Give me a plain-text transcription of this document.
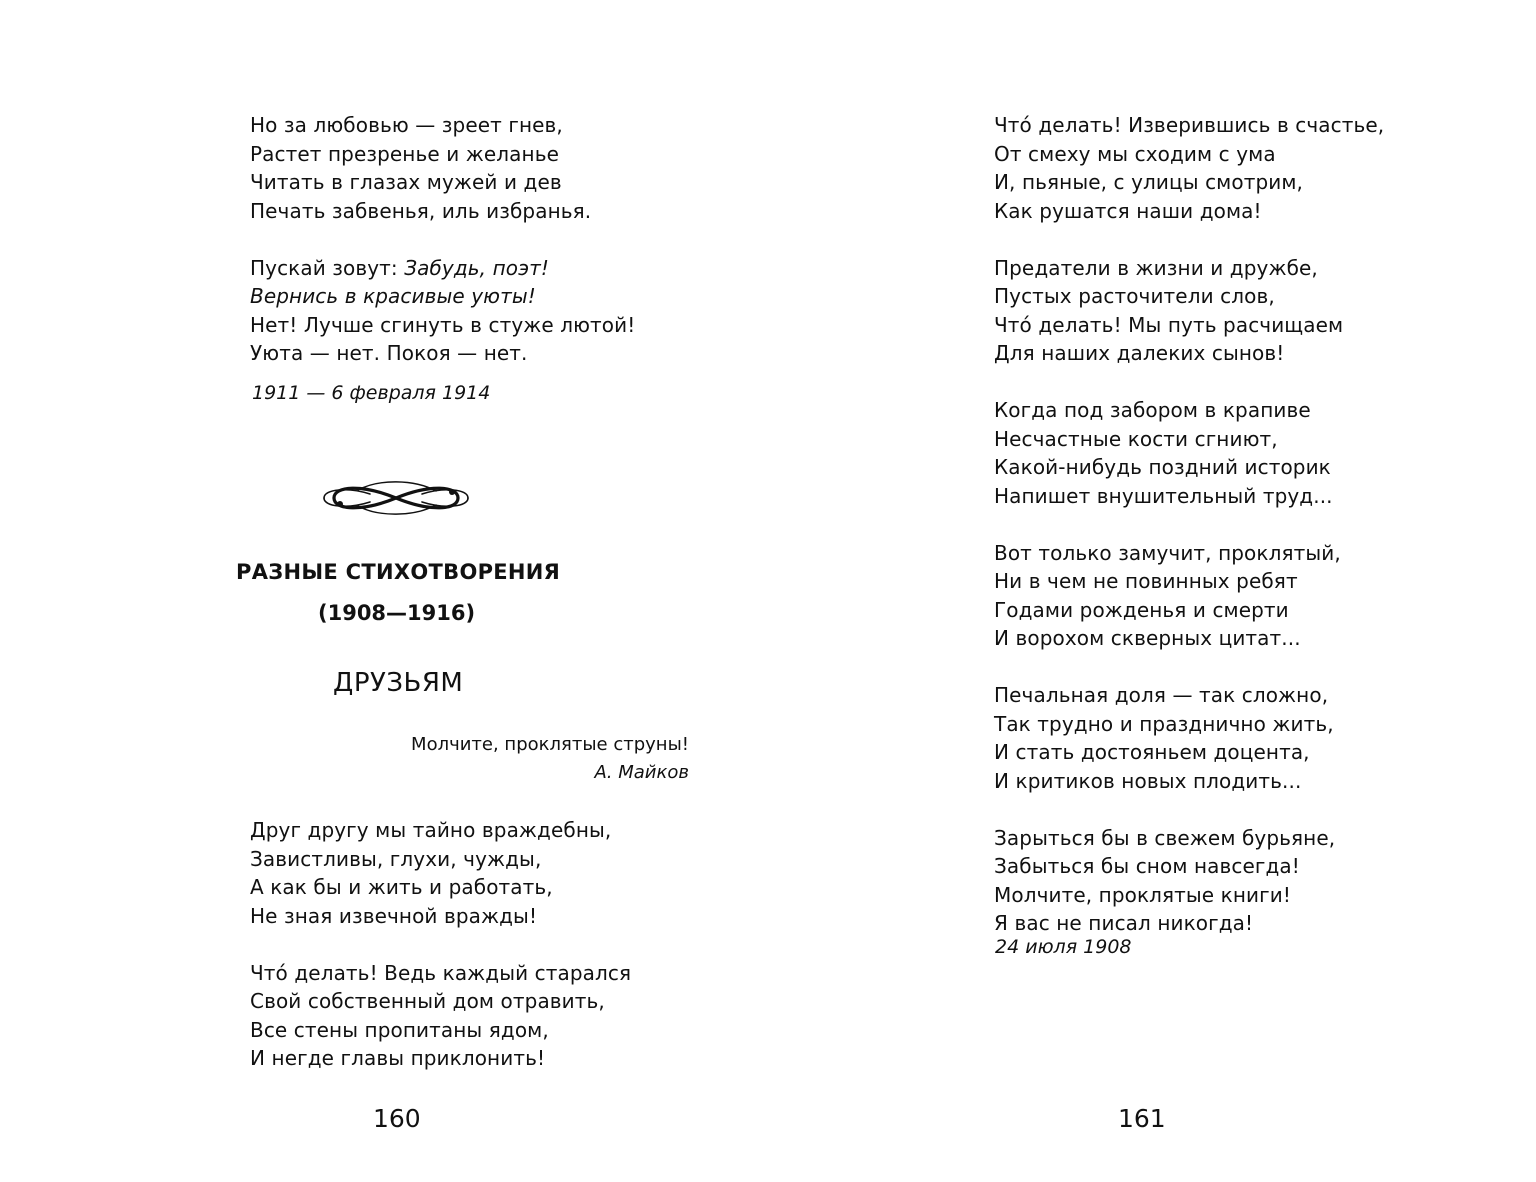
Но за любовью — зреет гнев,
Растет презренье и желанье
Читать в глазах мужей и дев
Печать забвенья, иль избранья.
Пускай зовут: Забудь, поэт!
Вернись в красивые уюты!
Нет! Лучше сгинуть в стуже лютой!
Уюта — нет. Покоя — нет.
1911 — 6 февраля 1914
РАЗНЫЕ СТИХОТВОРЕНИЯ
(1908—1916)
ДРУЗЬЯМ
Молчите, проклятые струны!
А. Майков
Друг другу мы тайно враждебны,
Завистливы, глухи, чужды,
А как бы и жить и работать,
Не зная извечной вражды!
Чтó делать! Ведь каждый старался
Свой собственный дом отравить,
Все стены пропитаны ядом,
И негде главы приклонить!
160
Чтó делать! Изверившись в счастье,
От смеху мы сходим с ума
И, пьяные, с улицы смотрим,
Как рушатся наши дома!
Предатели в жизни и дружбе,
Пустых расточители слов,
Чтó делать! Мы путь расчищаем
Для наших далеких сынов!
Когда под забором в крапиве
Несчастные кости сгниют,
Какой-нибудь поздний историк
Напишет внушительный труд...
Вот только замучит, проклятый,
Ни в чем не повинных ребят
Годами рожденья и смерти
И ворохом скверных цитат...
Печальная доля — так сложно,
Так трудно и празднично жить,
И стать достояньем доцента,
И критиков новых плодить...
Зарыться бы в свежем бурьяне,
Забыться бы сном навсегда!
Молчите, проклятые книги!
Я вас не писал никогда!
24 июля 1908
161
